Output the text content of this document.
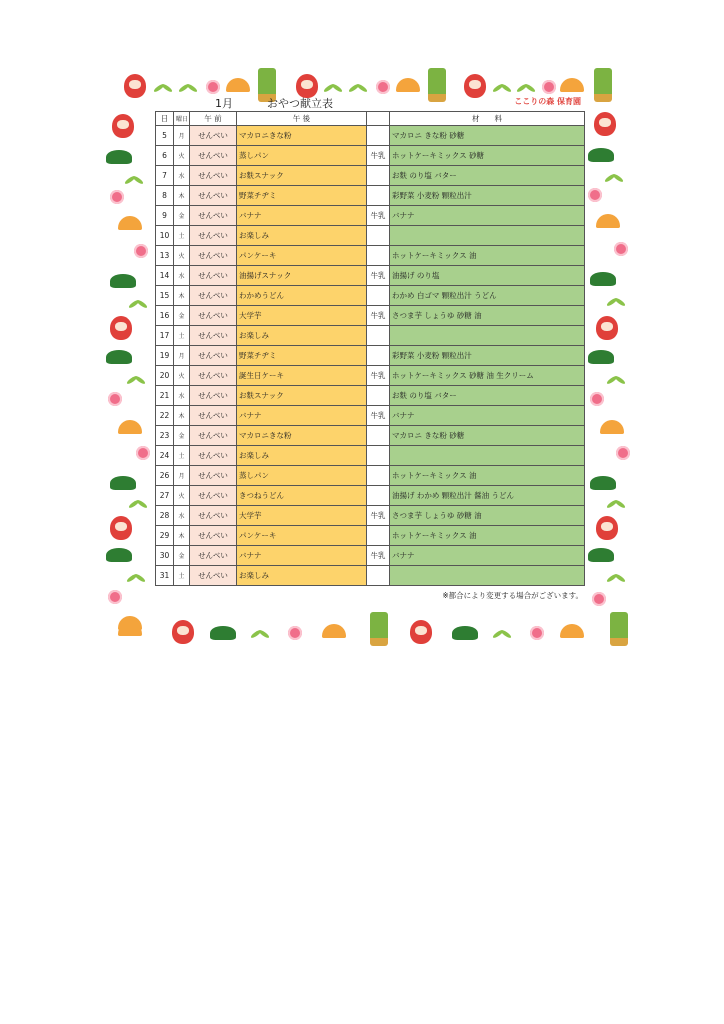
1月	おやつ献立表	ここりの森 保育園
日	曜日	午 前	午 後		材　　料
5	月	せんべい	マカロニきな粉		マカロニ きな粉 砂糖
6	火	せんべい	蒸しパン	牛乳	ホットケーキミックス 砂糖
7	水	せんべい	お麩スナック		お麩 のり塩 バター
8	木	せんべい	野菜チヂミ		彩野菜 小麦粉 顆粒出汁
9	金	せんべい	バナナ	牛乳	バナナ
10	土	せんべい	お楽しみ		
13	火	せんべい	パンケーキ		ホットケーキミックス 油
14	水	せんべい	油揚げスナック	牛乳	油揚げ のり塩
15	木	せんべい	わかめうどん		わかめ 白ゴマ 顆粒出汁 うどん
16	金	せんべい	大学芋	牛乳	さつま芋 しょうゆ 砂糖 油
17	土	せんべい	お楽しみ		
19	月	せんべい	野菜チヂミ		彩野菜 小麦粉 顆粒出汁
20	火	せんべい	誕生日ケーキ	牛乳	ホットケーキミックス 砂糖 油 生クリーム
21	水	せんべい	お麩スナック		お麩 のり塩 バター
22	木	せんべい	バナナ	牛乳	バナナ
23	金	せんべい	マカロニきな粉		マカロニ きな粉 砂糖
24	土	せんべい	お楽しみ		
26	月	せんべい	蒸しパン		ホットケーキミックス 油
27	火	せんべい	きつねうどん		油揚げ わかめ 顆粒出汁 醤油 うどん
28	水	せんべい	大学芋	牛乳	さつま芋 しょうゆ 砂糖 油
29	木	せんべい	パンケーキ		ホットケーキミックス 油
30	金	せんべい	バナナ	牛乳	バナナ
31	土	せんべい	お楽しみ		
※都合により変更する場合がございます。
